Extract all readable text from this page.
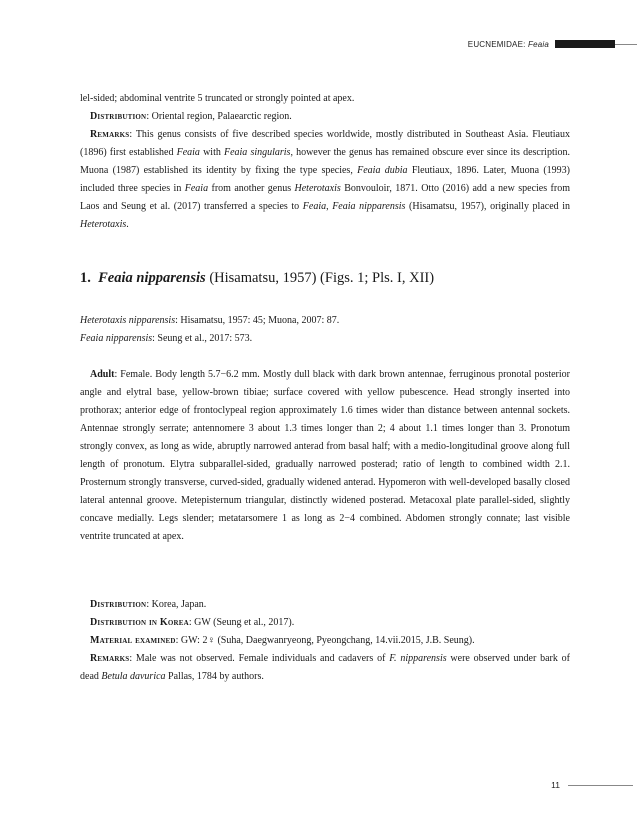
EUCNEMIDAE: Feaia

lel-sided; abdominal ventrite 5 truncated or strongly pointed at apex.

Distribution: Oriental region, Palaearctic region.

Remarks: This genus consists of five described species worldwide, mostly distributed in Southeast Asia. Fleutiaux (1896) first established Feaia with Feaia singularis, however the genus has remained obscure ever since its description. Muona (1987) established its identity by fixing the type species, Feaia dubia Fleutiaux, 1896. Later, Muona (1993) included three species in Feaia from another genus Heterotaxis Bonvouloir, 1871. Otto (2016) add a new species from Laos and Seung et al. (2017) transferred a species to Feaia, Feaia nipparensis (Hisamatsu, 1957), originally placed in Heterotaxis.

1. Feaia nipparensis (Hisamatsu, 1957) (Figs. 1; Pls. I, XII)
Heterotaxis nipparensis: Hisamatsu, 1957: 45; Muona, 2007: 87.
Feaia nipparensis: Seung et al., 2017: 573.

Adult: Female. Body length 5.7−6.2 mm. Mostly dull black with dark brown antennae, ferruginous pronotal posterior angle and elytral base, yellow-brown tibiae; surface covered with yellow pubescence. Head strongly inserted into prothorax; anterior edge of frontoclypeal region approximately 1.6 times wider than distance between antennal sockets. Antennae strongly serrate; antennomere 3 about 1.3 times longer than 2; 4 about 1.1 times longer than 3. Pronotum strongly convex, as long as wide, abruptly narrowed anterad from basal half; with a medio-longitudinal groove along full length of pronotum. Elytra subparallel-sided, gradually narrowed posterad; ratio of length to combined width 2.1. Prosternum strongly transverse, curved-sided, gradually widened anterad. Hypomeron with well-developed basally closed lateral antennal groove. Metepisternum triangular, distinctly widened posterad. Metacoxal plate parallel-sided, slightly concave medially. Legs slender; metatarsomere 1 as long as 2−4 combined. Abdomen strongly connate; last visible ventrite truncated at apex.

Distribution: Korea, Japan.

Distribution in Korea: GW (Seung et al., 2017).

Material examined: GW: 2♀ (Suha, Daegwanryeong, Pyeongchang, 14.vii.2015, J.B. Seung).

Remarks: Male was not observed. Female individuals and cadavers of F. nipparensis were observed under bark of dead Betula davurica Pallas, 1784 by authors.

11
